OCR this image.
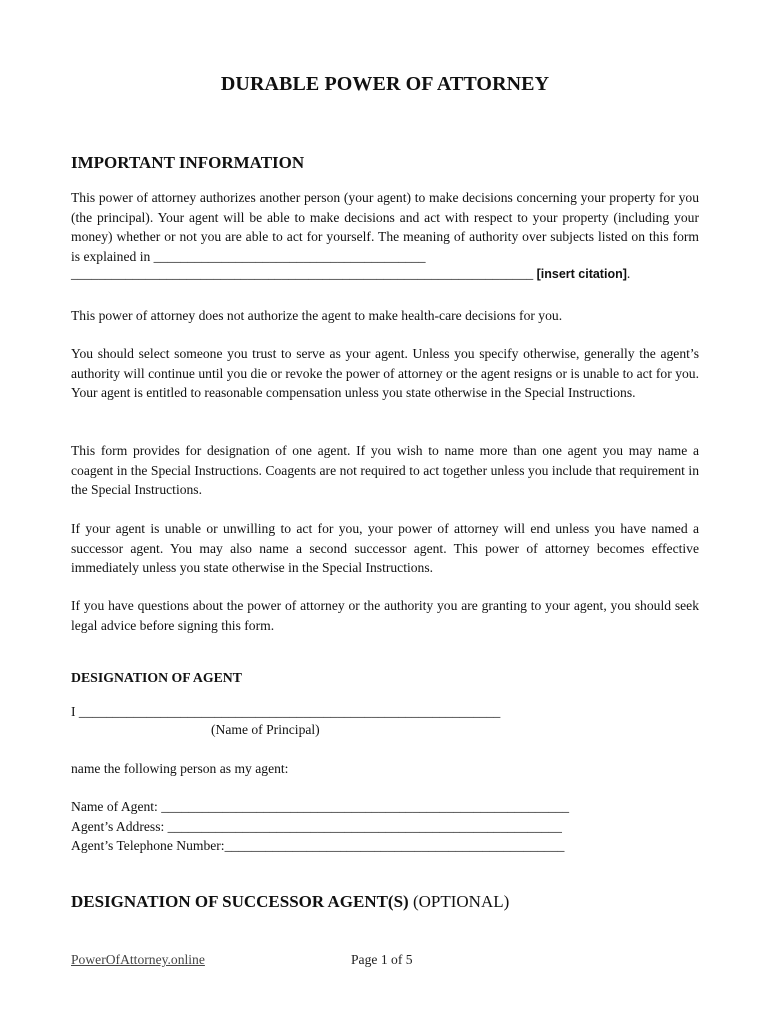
DURABLE POWER OF ATTORNEY
IMPORTANT INFORMATION
This power of attorney authorizes another person (your agent) to make decisions concerning your property for you (the principal). Your agent will be able to make decisions and act with respect to your property (including your money) whether or not you are able to act for yourself. The meaning of authority over subjects listed on this form is explained in ________________________________________
____________________________________________________________________ [insert citation].
This power of attorney does not authorize the agent to make health-care decisions for you.
You should select someone you trust to serve as your agent. Unless you specify otherwise, generally the agent’s authority will continue until you die or revoke the power of attorney or the agent resigns or is unable to act for you. Your agent is entitled to reasonable compensation unless you state otherwise in the Special Instructions.
This form provides for designation of one agent. If you wish to name more than one agent you may name a coagent in the Special Instructions. Coagents are not required to act together unless you include that requirement in the Special Instructions.
If your agent is unable or unwilling to act for you, your power of attorney will end unless you have named a successor agent. You may also name a second successor agent. This power of attorney becomes effective immediately unless you state otherwise in the Special Instructions.
If you have questions about the power of attorney or the authority you are granting to your agent, you should seek legal advice before signing this form.
DESIGNATION OF AGENT
I ______________________________________________________________
(Name of Principal)
name the following person as my agent:
Name of Agent: ____________________________________________________________
Agent’s Address: __________________________________________________________
Agent’s Telephone Number:__________________________________________________
DESIGNATION OF SUCCESSOR AGENT(S) (OPTIONAL)
PowerOfAttorney.online	Page 1 of 5
